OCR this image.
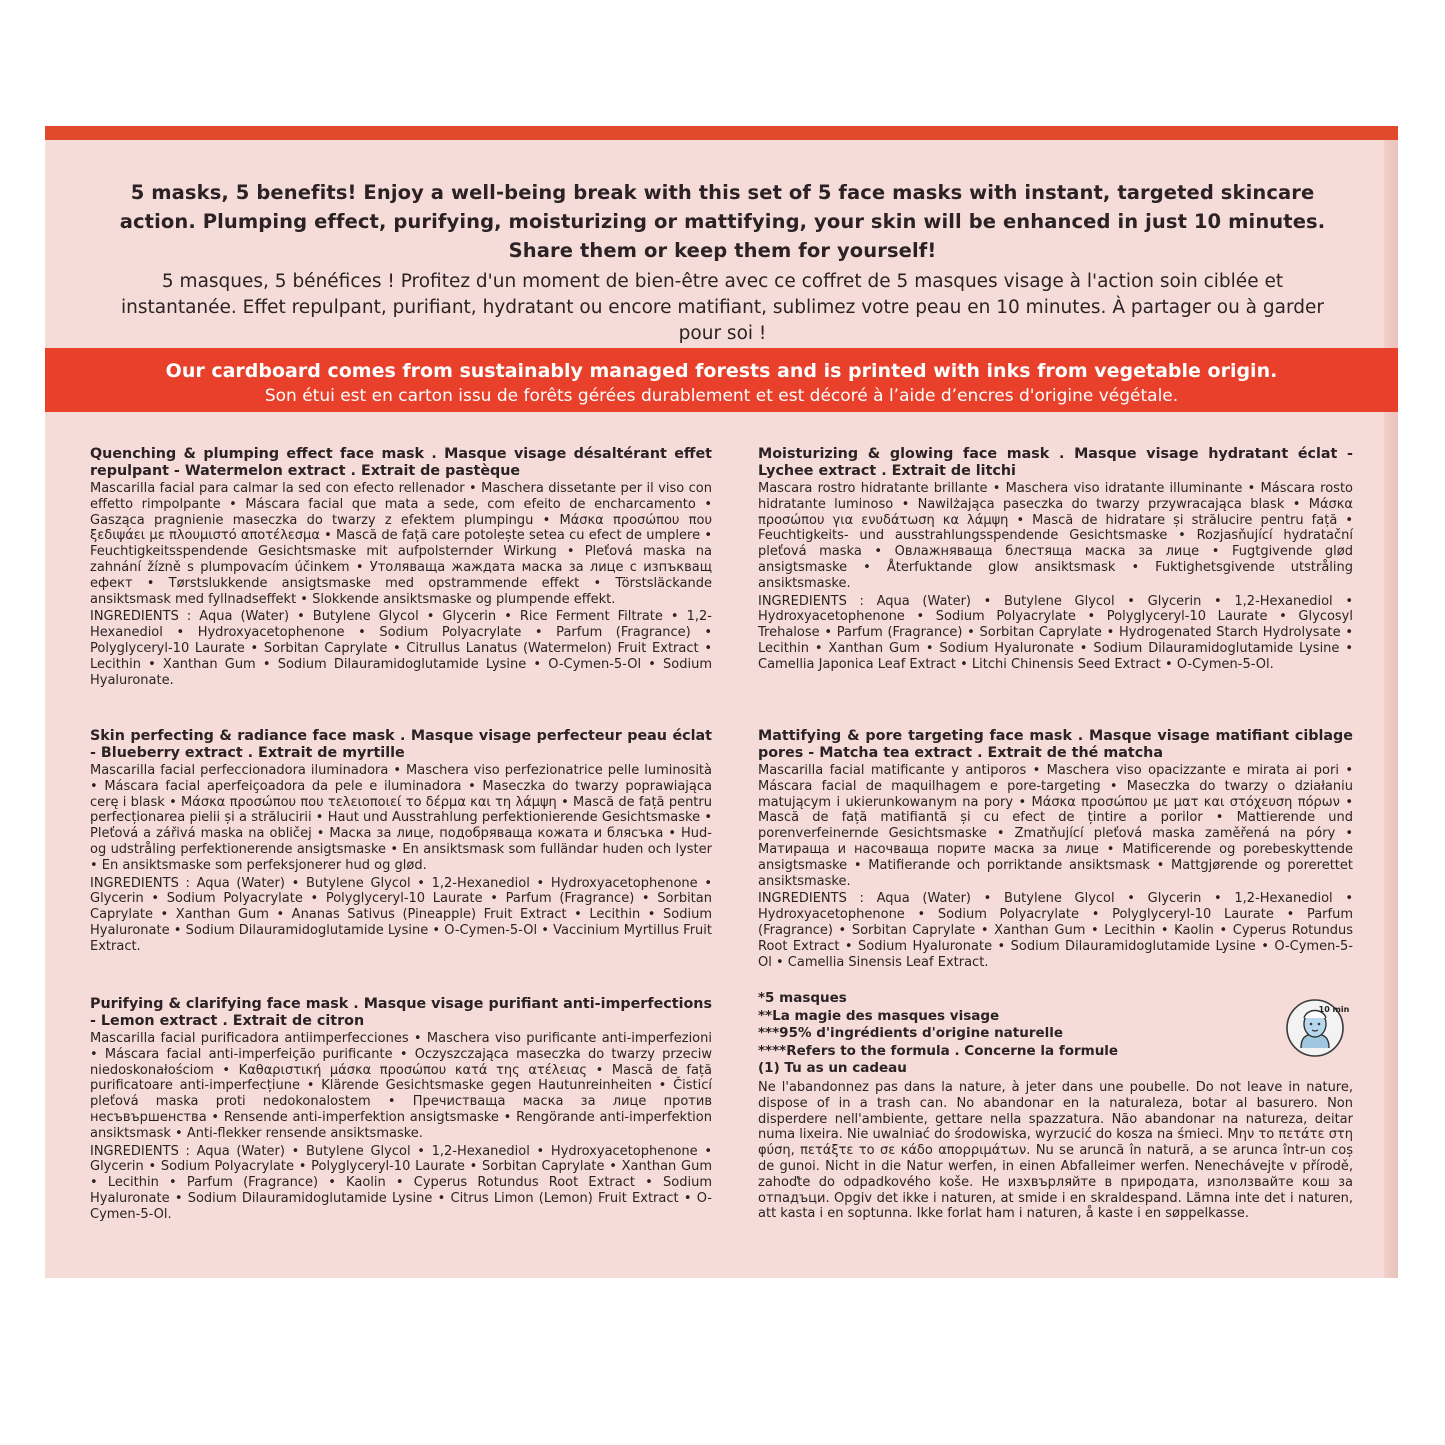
5 masks, 5 benefits! Enjoy a well-being break with this set of 5 face masks with instant, targeted skincare action. Plumping effect, purifying, moisturizing or mattifying, your skin will be enhanced in just 10 minutes. Share them or keep them for yourself!
5 masques, 5 bénéfices ! Profitez d'un moment de bien-être avec ce coffret de 5 masques visage à l'action soin ciblée et instantanée. Effet repulpant, purifiant, hydratant ou encore matifiant, sublimez votre peau en 10 minutes. À partager ou à garder pour soi !
Our cardboard comes from sustainably managed forests and is printed with inks from vegetable origin.
Son étui est en carton issu de forêts gérées durablement et est décoré à l’aide d’encres d'origine végétale.
Quenching & plumping effect face mask . Masque visage désaltérant effet repulpant - Watermelon extract . Extrait de pastèque
Mascarilla facial para calmar la sed con efecto rellenador • Maschera dissetante per il viso con effetto rimpolpante • Máscara facial que mata a sede, com efeito de encharcamento • Gasząca pragnienie maseczka do twarzy z efektem plumpingu • Μάσκα προσώπου που ξεδιψάει με πλουμιστό αποτέλεσμα • Mască de față care potolește setea cu efect de umplere • Feuchtigkeitsspendende Gesichtsmaske mit aufpolsternder Wirkung • Pleťová maska na zahnání žízně s plumpovacím účinkem • Утоляваща жаждата маска за лице с изпъкващ ефект • Tørstslukkende ansigtsmaske med opstrammende effekt • Törstsläckande ansiktsmask med fyllnadseffekt • Slokkende ansiktsmaske og plumpende effekt.
INGREDIENTS : Aqua (Water) • Butylene Glycol • Glycerin • Rice Ferment Filtrate • 1,2-Hexanediol • Hydroxyacetophenone • Sodium Polyacrylate • Parfum (Fragrance) • Polyglyceryl-10 Laurate • Sorbitan Caprylate • Citrullus Lanatus (Watermelon) Fruit Extract • Lecithin • Xanthan Gum • Sodium Dilauramidoglutamide Lysine • O-Cymen-5-Ol • Sodium Hyaluronate.
Moisturizing & glowing face mask . Masque visage hydratant éclat - Lychee extract . Extrait de litchi
Mascara rostro hidratante brillante • Maschera viso idratante illuminante • Máscara rosto hidratante luminoso • Nawilżająca paseczka do twarzy przywracająca blask • Μάσκα προσώπου για ενυδάτωση κα λάμψη • Mască de hidratare și strălucire pentru față • Feuchtigkeits- und ausstrahlungsspendende Gesichtsmaske • Rozjasňující hydratační pleťová maska • Овлажняваща блестяща маска за лице • Fugtgivende glød ansigtsmaske • Återfuktande glow ansiktsmask • Fuktighetsgivende utstråling ansiktsmaske.
INGREDIENTS : Aqua (Water) • Butylene Glycol • Glycerin • 1,2-Hexanediol • Hydroxyacetophenone • Sodium Polyacrylate • Polyglyceryl-10 Laurate • Glycosyl Trehalose • Parfum (Fragrance) • Sorbitan Caprylate • Hydrogenated Starch Hydrolysate • Lecithin • Xanthan Gum • Sodium Hyaluronate • Sodium Dilauramidoglutamide Lysine • Camellia Japonica Leaf Extract • Litchi Chinensis Seed Extract • O-Cymen-5-Ol.
Skin perfecting & radiance face mask . Masque visage perfecteur peau éclat - Blueberry extract . Extrait de myrtille
Mascarilla facial perfeccionadora iluminadora • Maschera viso perfezionatrice pelle luminosità • Máscara facial aperfeiçoadora da pele e iluminadora • Maseczka do twarzy poprawiająca cerę i blask • Μάσκα προσώπου που τελειοποιεί το δέρμα και τη λάμψη • Mască de față pentru perfecționarea pielii și a strălucirii • Haut und Ausstrahlung perfektionierende Gesichtsmaske • Pleťová a zářivá maska na obličej • Маска за лице, подобряваща кожата и блясъка • Hud- og udstråling perfektionerende ansigtsmaske • En ansiktsmask som fulländar huden och lyster • En ansiktsmaske som perfeksjonerer hud og glød.
INGREDIENTS : Aqua (Water) • Butylene Glycol • 1,2-Hexanediol • Hydroxyacetophenone • Glycerin • Sodium Polyacrylate • Polyglyceryl-10 Laurate • Parfum (Fragrance) • Sorbitan Caprylate • Xanthan Gum • Ananas Sativus (Pineapple) Fruit Extract • Lecithin • Sodium Hyaluronate • Sodium Dilauramidoglutamide Lysine • O-Cymen-5-Ol • Vaccinium Myrtillus Fruit Extract.
Mattifying & pore targeting face mask . Masque visage matifiant ciblage pores - Matcha tea extract . Extrait de thé matcha
Mascarilla facial matificante y antiporos • Maschera viso opacizzante e mirata ai pori • Máscara facial de maquilhagem e pore-targeting • Maseczka do twarzy o działaniu matującym i ukierunkowanym na pory • Μάσκα προσώπου με ματ και στόχευση πόρων • Mască de față matifiantă și cu efect de țintire a porilor • Mattierende und porenverfeinernde Gesichtsmaske • Zmatňující pleťová maska zaměřená na póry • Матираща и насочваща порите маска за лице • Matificerende og porebeskyttende ansigtsmaske • Matifierande och porriktande ansiktsmask • Mattgjørende og porerettet ansiktsmaske.
INGREDIENTS : Aqua (Water) • Butylene Glycol • Glycerin • 1,2-Hexanediol • Hydroxyacetophenone • Sodium Polyacrylate • Polyglyceryl-10 Laurate • Parfum (Fragrance) • Sorbitan Caprylate • Xanthan Gum • Lecithin • Kaolin • Cyperus Rotundus Root Extract • Sodium Hyaluronate • Sodium Dilauramidoglutamide Lysine • O-Cymen-5-Ol • Camellia Sinensis Leaf Extract.
Purifying & clarifying face mask . Masque visage purifiant anti-imperfections - Lemon extract . Extrait de citron
Mascarilla facial purificadora antiimperfecciones • Maschera viso purificante anti-imperfezioni • Máscara facial anti-imperfeição purificante • Oczyszczająca maseczka do twarzy przeciw niedoskonałościom • Καθαριστική μάσκα προσώπου κατά της ατέλειας • Mască de față purificatoare anti-imperfecțiune • Klärende Gesichtsmaske gegen Hautunreinheiten • Čisticí pleťová maska proti nedokonalostem • Пречистваща маска за лице против несъвършенства • Rensende anti-imperfektion ansigtsmaske • Rengörande anti-imperfektion ansiktsmask • Anti-flekker rensende ansiktsmaske.
INGREDIENTS : Aqua (Water) • Butylene Glycol • 1,2-Hexanediol • Hydroxyacetophenone • Glycerin • Sodium Polyacrylate • Polyglyceryl-10 Laurate • Sorbitan Caprylate • Xanthan Gum • Lecithin • Parfum (Fragrance) • Kaolin • Cyperus Rotundus Root Extract • Sodium Hyaluronate • Sodium Dilauramidoglutamide Lysine • Citrus Limon (Lemon) Fruit Extract • O-Cymen-5-Ol.
*5 masques
**La magie des masques visage
***95% d'ingrédients d'origine naturelle
****Refers to the formula . Concerne la formule
(1) Tu as un cadeau
10 min
Ne l'abandonnez pas dans la nature, à jeter dans une poubelle. Do not leave in nature, dispose of in a trash can. No abandonar en la naturaleza, botar al basurero. Non disperdere nell'ambiente, gettare nella spazzatura. Não abandonar na natureza, deitar numa lixeira. Nie uwalniać do środowiska, wyrzucić do kosza na śmieci. Μην το πετάτε στη φύση, πετάξτε το σε κάδο απορριμάτων. Nu se aruncă în natură, a se arunca într-un coș de gunoi. Nicht in die Natur werfen, in einen Abfalleimer werfen. Nenechávejte v přírodě, zahoďte do odpadkového koše. Не изхвърляйте в природата, използвайте кош за отпадъци. Opgiv det ikke i naturen, at smide i en skraldespand. Lämna inte det i naturen, att kasta i en soptunna. Ikke forlat ham i naturen, å kaste i en søppelkasse.
